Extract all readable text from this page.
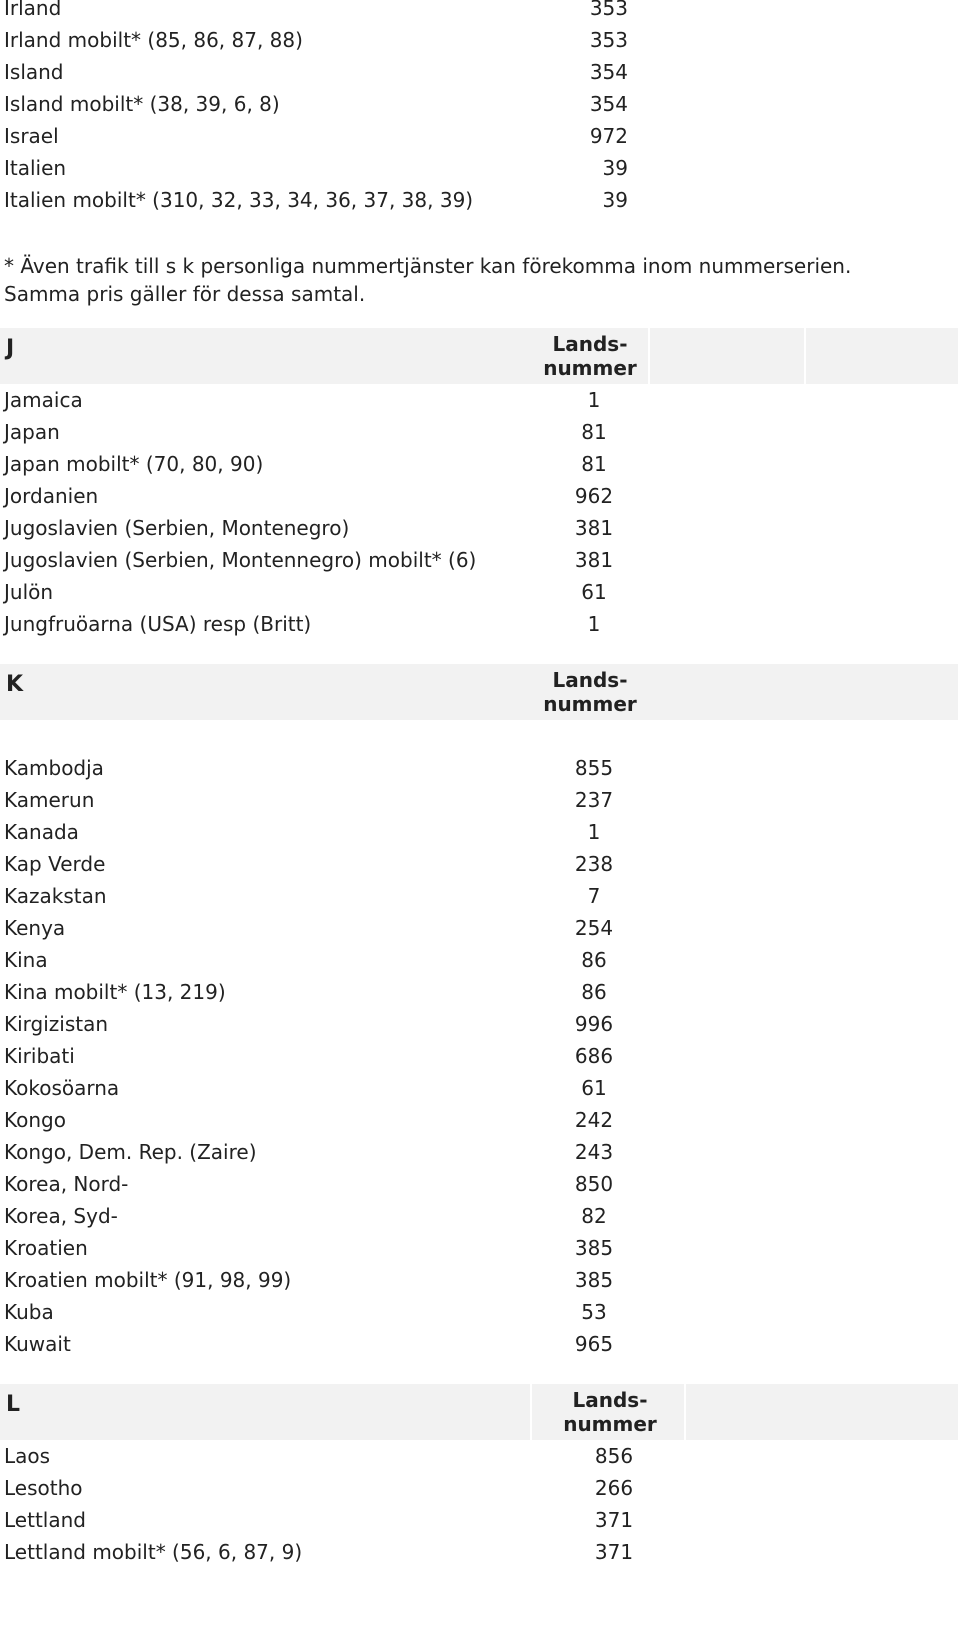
Irland	353
Irland mobilt* (85, 86, 87, 88)	353
Island	354
Island mobilt* (38, 39, 6, 8)	354
Israel	972
Italien	39
Italien mobilt* (310, 32, 33, 34, 36, 37, 38, 39)	39
* Även trafik till s k personliga nummertjänster kan förekomma inom nummerserien.
Samma pris gäller för dessa samtal.
J	Lands-
nummer
Jamaica	1
Japan	81
Japan mobilt* (70, 80, 90)	81
Jordanien	962
Jugoslavien (Serbien, Montenegro)	381
Jugoslavien (Serbien, Montennegro) mobilt* (6)	381
Julön	61
Jungfruöarna (USA) resp (Britt)	1
K	Lands-
nummer
Kambodja	855
Kamerun	237
Kanada	1
Kap Verde	238
Kazakstan	7
Kenya	254
Kina	86
Kina mobilt* (13, 219)	86
Kirgizistan	996
Kiribati	686
Kokosöarna	61
Kongo	242
Kongo, Dem. Rep. (Zaire)	243
Korea, Nord-	850
Korea, Syd-	82
Kroatien	385
Kroatien mobilt* (91, 98, 99)	385
Kuba	53
Kuwait	965
L	Lands-
nummer
Laos	856
Lesotho	266
Lettland	371
Lettland mobilt* (56, 6, 87, 9)	371
